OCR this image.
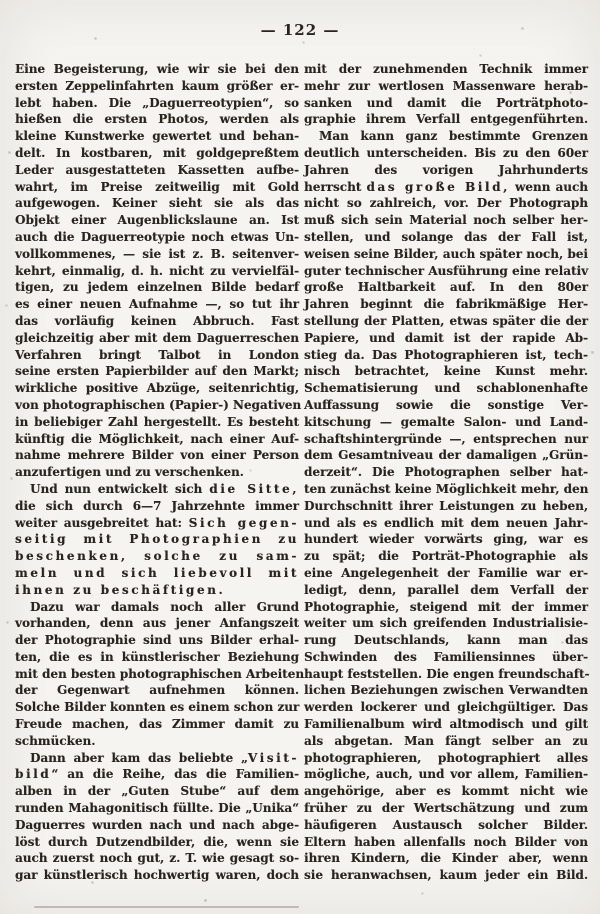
— 122 —
Eine Begeisterung, wie wir sie bei den
ersten Zeppelinfahrten kaum größer er-
lebt haben. Die „Daguerreotypien“, so
hießen die ersten Photos, werden als
kleine Kunstwerke gewertet und behan-
delt. In kostbaren, mit goldgepreßtem
Leder ausgestatteten Kassetten aufbe-
wahrt, im Preise zeitweilig mit Gold
aufgewogen. Keiner sieht sie als das
Objekt einer Augenblickslaune an. Ist
auch die Daguerreotypie noch etwas Un-
vollkommenes, — sie ist z. B. seitenver-
kehrt, einmalig, d. h. nicht zu vervielfäl-
tigen, zu jedem einzelnen Bilde bedarf
es einer neuen Aufnahme —, so tut ihr
das vorläufig keinen Abbruch. Fast
gleichzeitig aber mit dem Daguerreschen
Verfahren bringt Talbot in London
seine ersten Papierbilder auf den Markt;
wirkliche positive Abzüge, seitenrichtig,
von photographischen (Papier-) Negativen
in beliebiger Zahl hergestellt. Es besteht
künftig die Möglichkeit, nach einer Auf-
nahme mehrere Bilder von einer Person
anzufertigen und zu verschenken.
Und nun entwickelt sich die Sitte,
die sich durch 6—7 Jahrzehnte immer
weiter ausgebreitet hat: Sich gegen-
seitig mit Photographien zu
beschenken, solche zu sam-
meln und sich liebevoll mit
ihnen zu beschäftigen.
Dazu war damals noch aller Grund
vorhanden, denn aus jener Anfangszeit
der Photographie sind uns Bilder erhal-
ten, die es in künstlerischer Beziehung
mit den besten photographischen Arbeiten
der Gegenwart aufnehmen können.
Solche Bilder konnten es einem schon zur
Freude machen, das Zimmer damit zu
schmücken.
Dann aber kam das beliebte „Visit-
bild“ an die Reihe, das die Familien-
alben in der „Guten Stube“ auf dem
runden Mahagonitisch füllte. Die „Unika“
Daguerres wurden nach und nach abge-
löst durch Dutzendbilder, die, wenn sie
auch zuerst noch gut, z. T. wie gesagt so-
gar künstlerisch hochwertig waren, doch
mit der zunehmenden Technik immer
mehr zur wertlosen Massenware herab-
sanken und damit die Porträtphoto-
graphie ihrem Verfall entgegenführten.
Man kann ganz bestimmte Grenzen
deutlich unterscheiden. Bis zu den 60er
Jahren des vorigen Jahrhunderts
herrscht das große Bild, wenn auch
nicht so zahlreich, vor. Der Photograph
muß sich sein Material noch selber her-
stellen, und solange das der Fall ist,
weisen seine Bilder, auch später noch, bei
guter technischer Ausführung eine relativ
große Haltbarkeit auf. In den 80er
Jahren beginnt die fabrikmäßige Her-
stellung der Platten, etwas später die der
Papiere, und damit ist der rapide Ab-
stieg da. Das Photographieren ist, tech-
nisch betrachtet, keine Kunst mehr.
Schematisierung und schablonenhafte
Auffassung sowie die sonstige Ver-
kitschung — gemalte Salon- und Land-
schaftshintergründe —, entsprechen nur
dem Gesamtniveau der damaligen „Grün-
derzeit“. Die Photographen selber hat-
ten zunächst keine Möglichkeit mehr, den
Durchschnitt ihrer Leistungen zu heben,
und als es endlich mit dem neuen Jahr-
hundert wieder vorwärts ging, war es
zu spät; die Porträt-Photographie als
eine Angelegenheit der Familie war er-
ledigt, denn, parallel dem Verfall der
Photographie, steigend mit der immer
weiter um sich greifenden Industrialisie-
rung Deutschlands, kann man das
Schwinden des Familiensinnes über-
haupt feststellen. Die engen freundschaft-
lichen Beziehungen zwischen Verwandten
werden lockerer und gleichgültiger. Das
Familienalbum wird altmodisch und gilt
als abgetan. Man fängt selber an zu
photographieren, photographiert alles
mögliche, auch, und vor allem, Familien-
angehörige, aber es kommt nicht wie
früher zu der Wertschätzung und zum
häufigeren Austausch solcher Bilder.
Eltern haben allenfalls noch Bilder von
ihren Kindern, die Kinder aber, wenn
sie heranwachsen, kaum jeder ein Bild.
